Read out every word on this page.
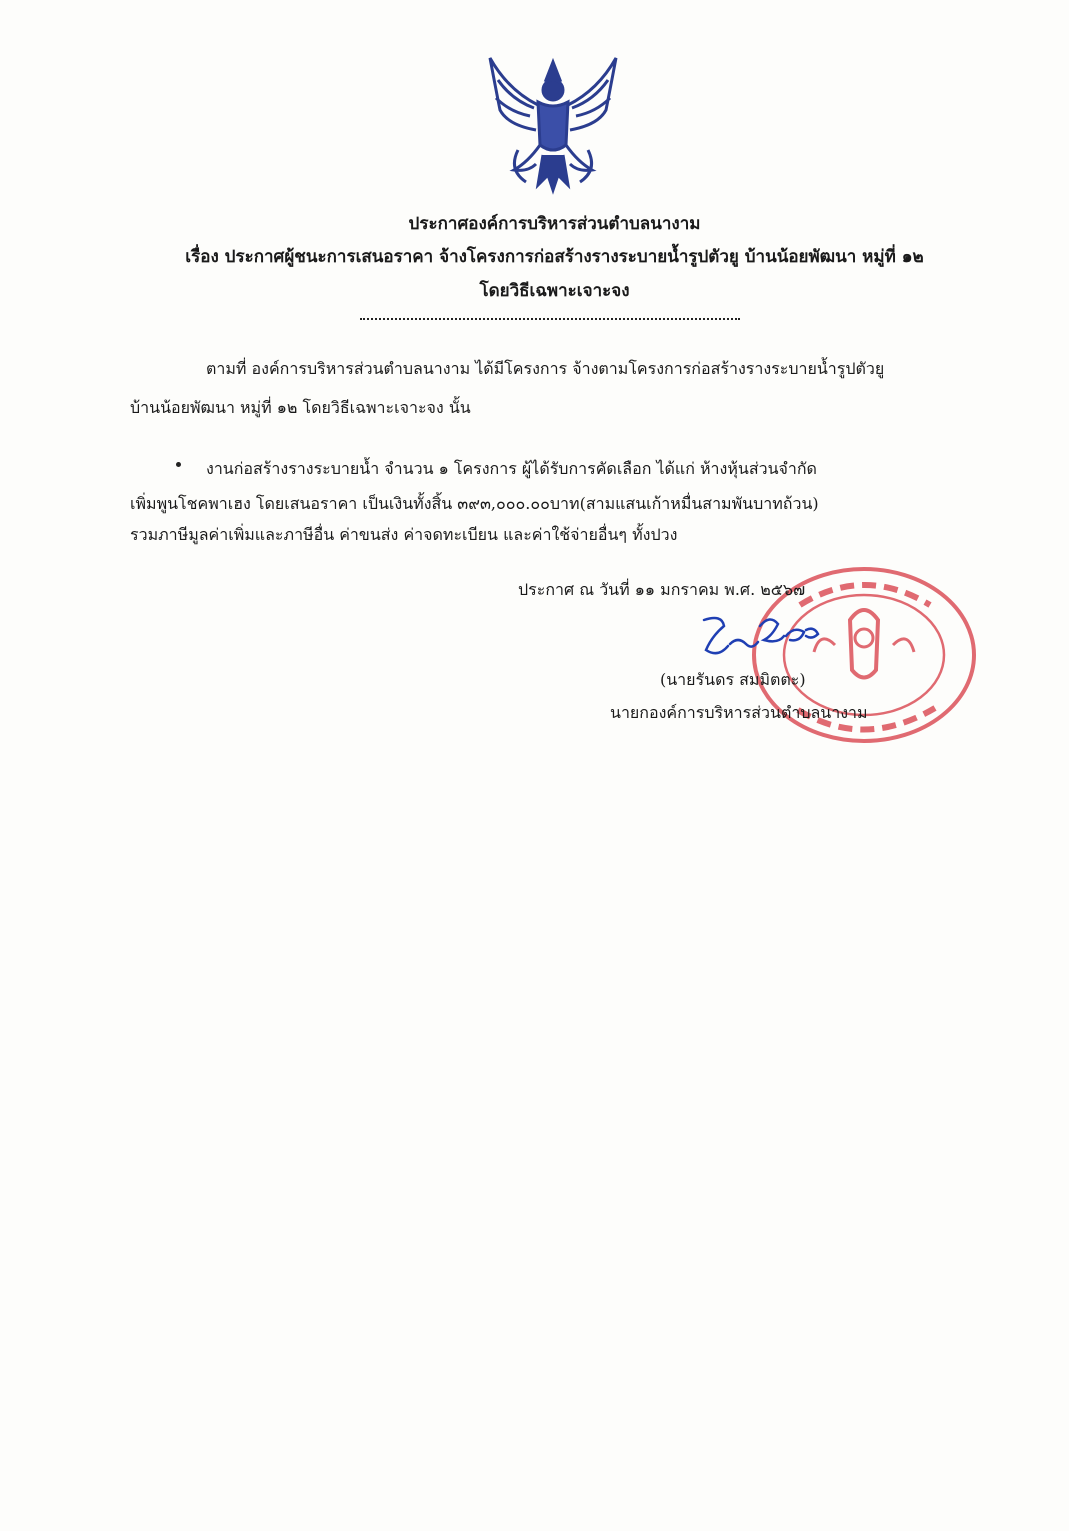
ประกาศองค์การบริหารส่วนตำบลนางาม
เรื่อง ประกาศผู้ชนะการเสนอราคา จ้างโครงการก่อสร้างรางระบายน้ำรูปตัวยู บ้านน้อยพัฒนา หมู่ที่ ๑๒
โดยวิธีเฉพาะเจาะจง
ตามที่ องค์การบริหารส่วนตำบลนางาม ได้มีโครงการ จ้างตามโครงการก่อสร้างรางระบายน้ำรูปตัวยู
บ้านน้อยพัฒนา หมู่ที่ ๑๒ โดยวิธีเฉพาะเจาะจง นั้น
งานก่อสร้างรางระบายน้ำ จำนวน ๑ โครงการ ผู้ได้รับการคัดเลือก ได้แก่ ห้างหุ้นส่วนจำกัด
เพิ่มพูนโชคพาเฮง โดยเสนอราคา เป็นเงินทั้งสิ้น ๓๙๓,๐๐๐.๐๐บาท(สามแสนเก้าหมื่นสามพันบาทถ้วน)
รวมภาษีมูลค่าเพิ่มและภาษีอื่น ค่าขนส่ง ค่าจดทะเบียน และค่าใช้จ่ายอื่นๆ ทั้งปวง
ประกาศ ณ วันที่ ๑๑ มกราคม พ.ศ. ๒๕๖๗
(นายรันดร สมมิตตะ)
นายกองค์การบริหารส่วนตำบลนางาม
